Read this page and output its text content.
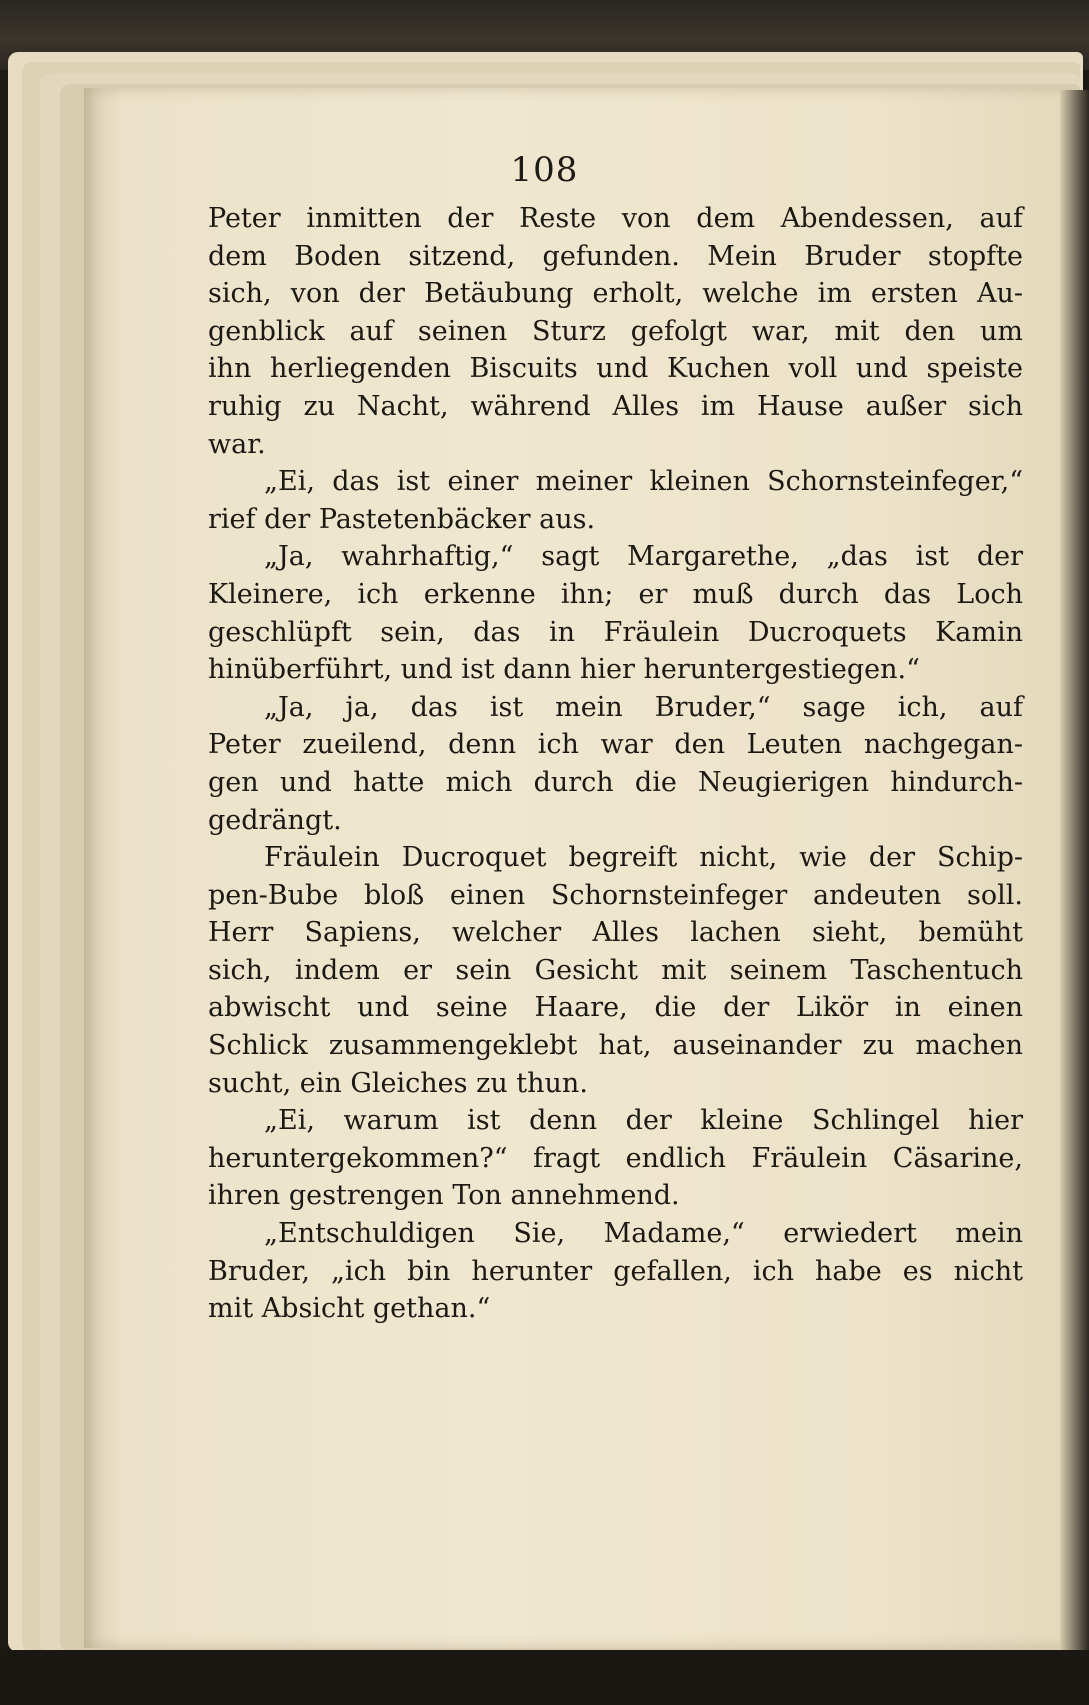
108
Peter inmitten der Reste von dem Abendessen, auf
dem Boden sitzend, gefunden. Mein Bruder stopfte
sich, von der Betäubung erholt, welche im ersten Au-
genblick auf seinen Sturz gefolgt war, mit den um
ihn herliegenden Biscuits und Kuchen voll und speiste
ruhig zu Nacht, während Alles im Hause außer sich
war.
„Ei, das ist einer meiner kleinen Schornsteinfeger,“
rief der Pastetenbäcker aus.
„Ja, wahrhaftig,“ sagt Margarethe, „das ist der
Kleinere, ich erkenne ihn; er muß durch das Loch
geschlüpft sein, das in Fräulein Ducroquets Kamin
hinüberführt, und ist dann hier heruntergestiegen.“
„Ja, ja, das ist mein Bruder,“ sage ich, auf
Peter zueilend, denn ich war den Leuten nachgegan-
gen und hatte mich durch die Neugierigen hindurch-
gedrängt.
Fräulein Ducroquet begreift nicht, wie der Schip-
pen-Bube bloß einen Schornsteinfeger andeuten soll.
Herr Sapiens, welcher Alles lachen sieht, bemüht
sich, indem er sein Gesicht mit seinem Taschentuch
abwischt und seine Haare, die der Likör in einen
Schlick zusammengeklebt hat, auseinander zu machen
sucht, ein Gleiches zu thun.
„Ei, warum ist denn der kleine Schlingel hier
heruntergekommen?“ fragt endlich Fräulein Cäsarine,
ihren gestrengen Ton annehmend.
„Entschuldigen Sie, Madame,“ erwiedert mein
Bruder, „ich bin herunter gefallen, ich habe es nicht
mit Absicht gethan.“
